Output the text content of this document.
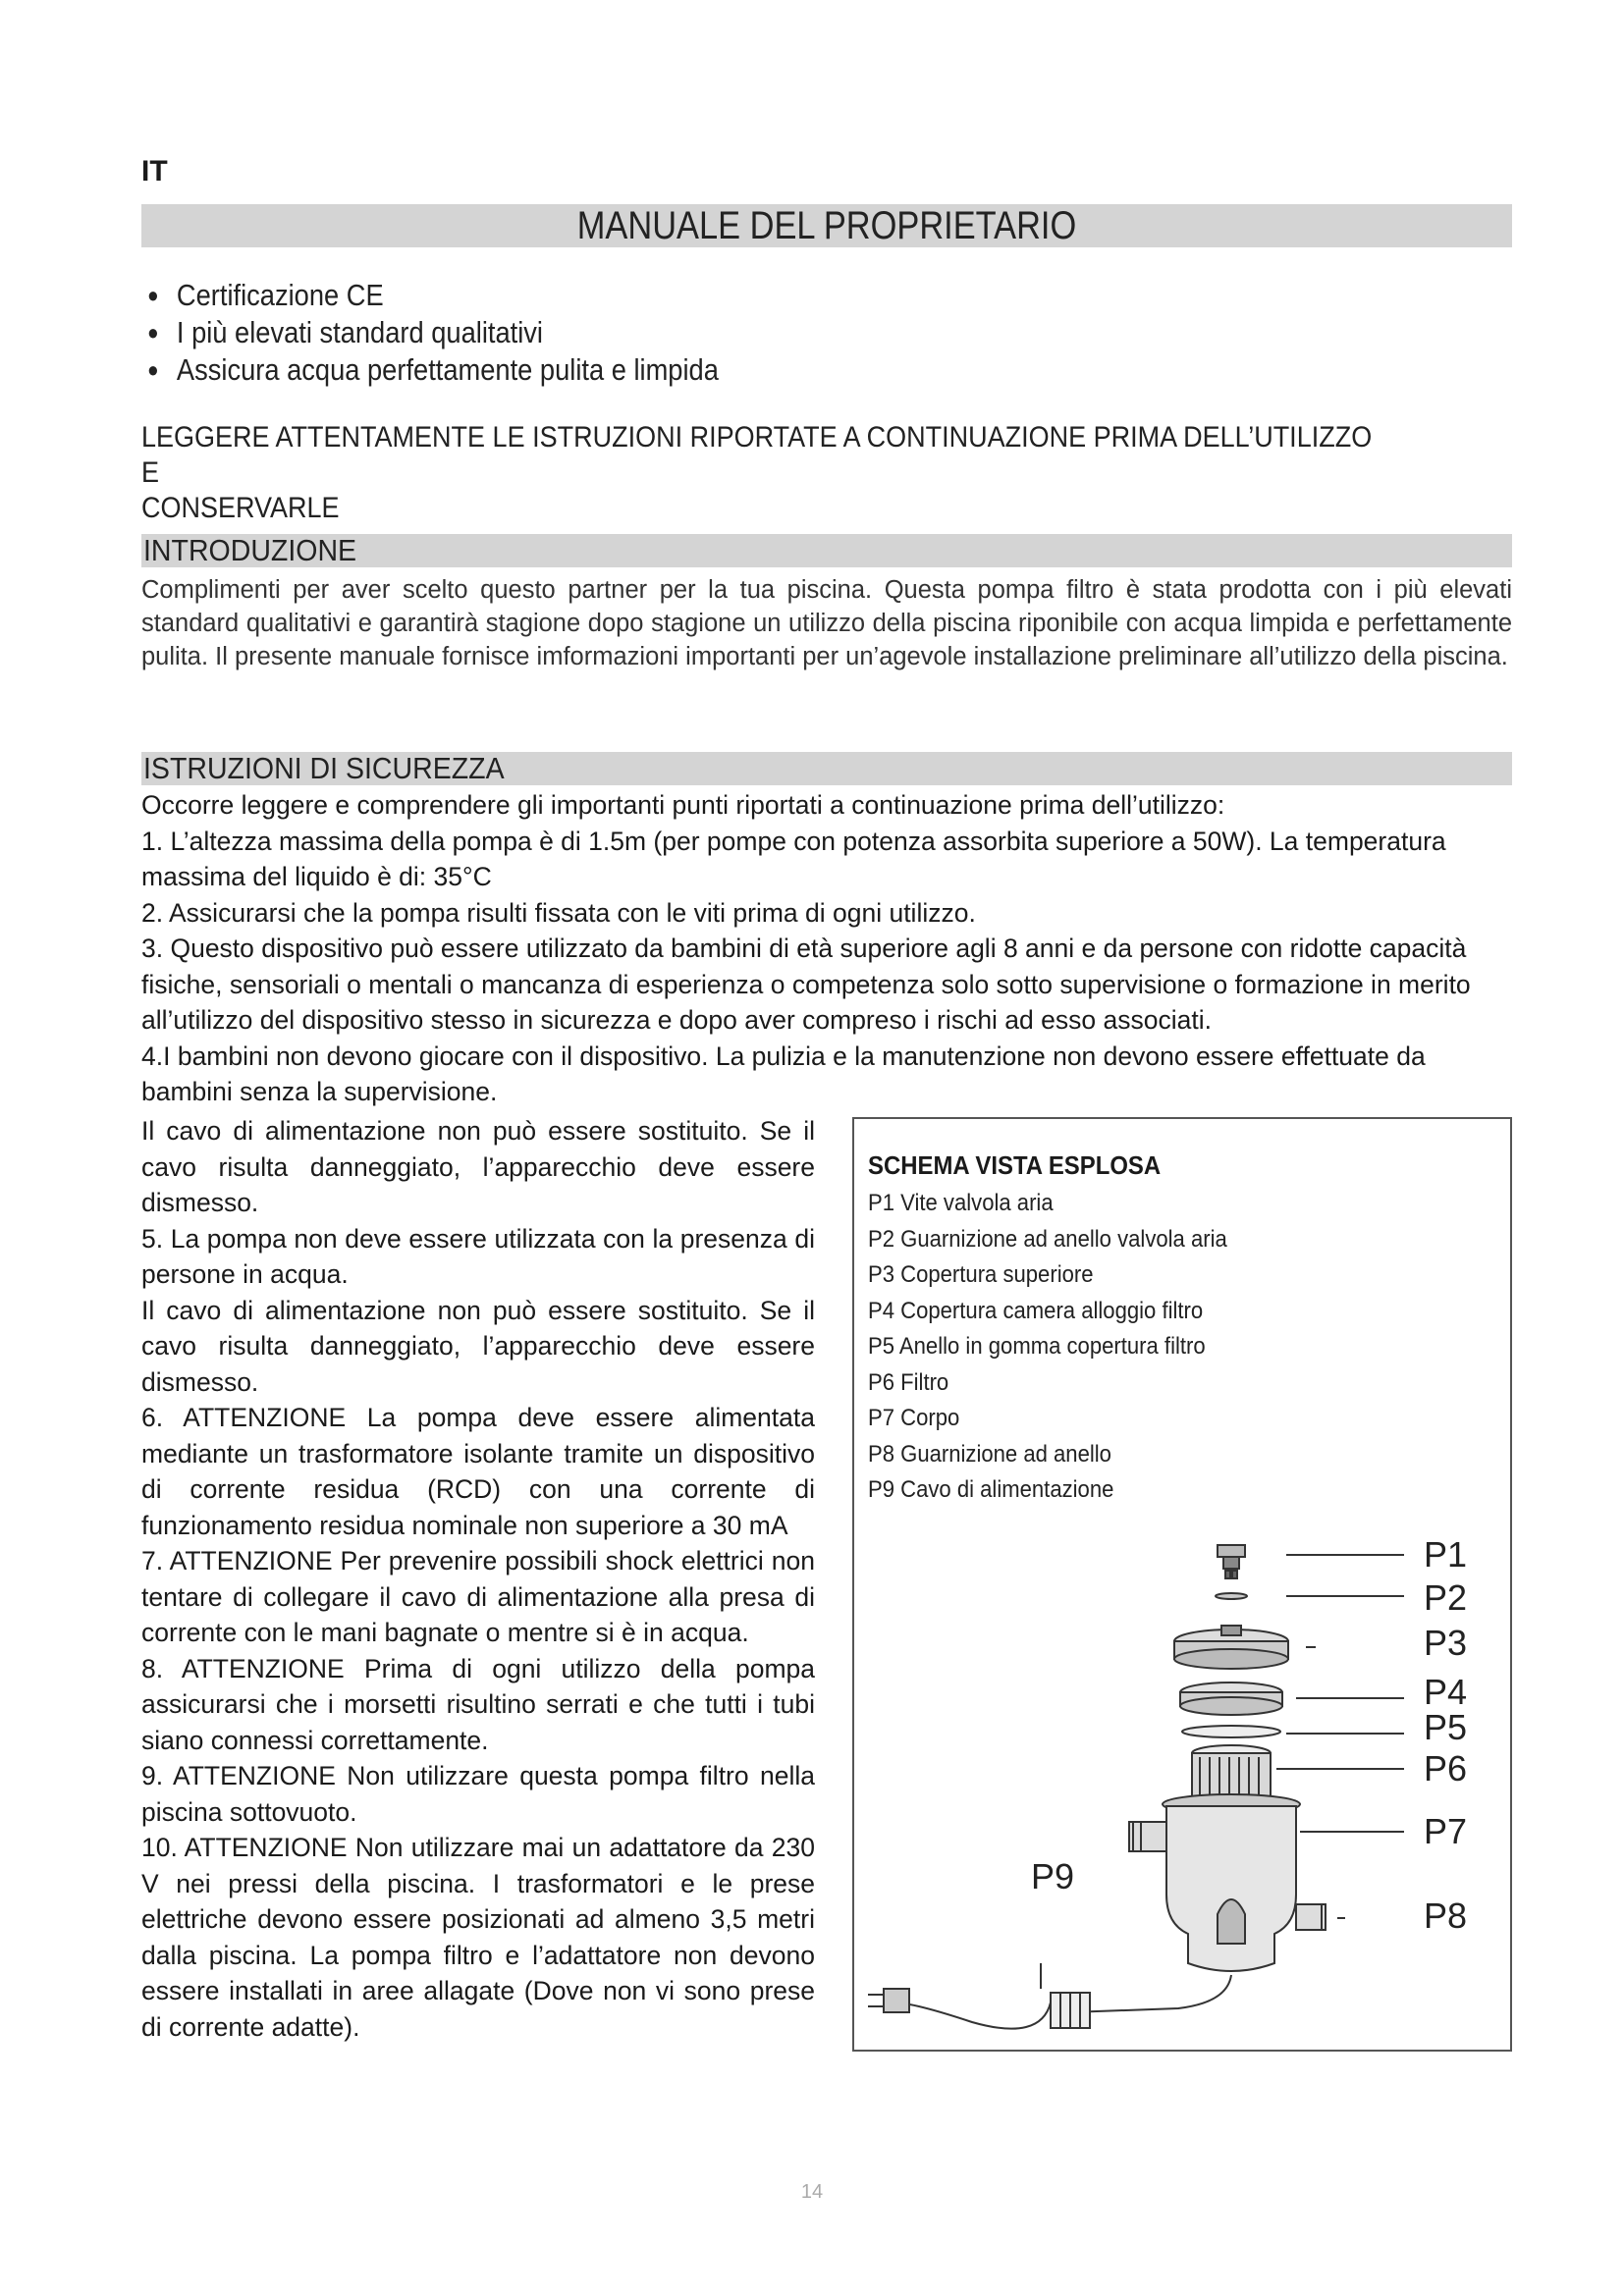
IT
MANUALE DEL PROPRIETARIO
● Certificazione CE
● I più elevati standard qualitativi
● Assicura acqua perfettamente pulita e limpida
LEGGERE ATTENTAMENTE LE ISTRUZIONI RIPORTATE A CONTINUAZIONE PRIMA DELL’UTILIZZO E
CONSERVARLE
INTRODUZIONE
Complimenti per aver scelto questo partner per la tua piscina. Questa pompa filtro è stata prodotta con i più elevati standard qualitativi e garantirà stagione dopo stagione un utilizzo della piscina riponibile con acqua limpida e perfettamente pulita. Il presente manuale fornisce imformazioni importanti per un’agevole installazione preliminare all’utilizzo della piscina.
ISTRUZIONI DI SICUREZZA

Occorre leggere e comprendere gli importanti punti riportati a continuazione prima dell’utilizzo:

1. L’altezza massima della pompa è di 1.5m (per pompe con potenza assorbita superiore a 50W). La temperatura massima del liquido è di: 35°C

2. Assicurarsi che la pompa risulti fissata con le viti prima di ogni utilizzo.

3. Questo dispositivo può essere utilizzato da bambini di età superiore agli 8 anni e da persone con ridotte capacità fisiche, sensoriali o mentali o mancanza di esperienza o competenza solo sotto supervisione o formazione in merito all’utilizzo del dispositivo stesso in sicurezza e dopo aver compreso i rischi ad esso associati.

4.I bambini non devono giocare con il dispositivo. La pulizia e la manutenzione non devono essere effettuate da bambini senza la supervisione.

Il cavo di alimentazione non può essere sostituito. Se il cavo risulta danneggiato, l’apparecchio deve essere dismesso.

5. La pompa non deve essere utilizzata con la presenza di persone in acqua.

Il cavo di alimentazione non può essere sostituito. Se il cavo risulta danneggiato, l’apparecchio deve essere dismesso.

6. ATTENZIONE La pompa deve essere alimentata mediante un trasformatore isolante tramite un dispositivo di corrente residua (RCD) con una corrente di funzionamento residua nominale non superiore a 30 mA

7. ATTENZIONE Per prevenire possibili shock elettrici non tentare di collegare il cavo di alimentazione alla presa di corrente con le mani bagnate o mentre si è in acqua.

8. ATTENZIONE Prima di ogni utilizzo della pompa assicurarsi che i morsetti risultino serrati e che tutti i tubi siano connessi correttamente.

9. ATTENZIONE Non utilizzare questa pompa filtro nella piscina sottovuoto.

10. ATTENZIONE Non utilizzare mai un adattatore da 230 V nei pressi della piscina. I trasformatori e le prese elettriche devono essere posizionati ad almeno 3,5 metri dalla piscina. La pompa filtro e l’adattatore non devono essere installati in aree allagate (Dove non vi sono prese di corrente adatte).

SCHEMA VISTA ESPLOSA
P1 Vite valvola aria
P2 Guarnizione ad anello valvola aria
P3 Copertura superiore
P4 Copertura camera alloggio filtro
P5 Anello in gomma copertura filtro
P6 Filtro
P7 Corpo
P8 Guarnizione ad anello
P9 Cavo di alimentazione
P1
P2
P3
P4
P5
P6
P7
P8
P9
14
